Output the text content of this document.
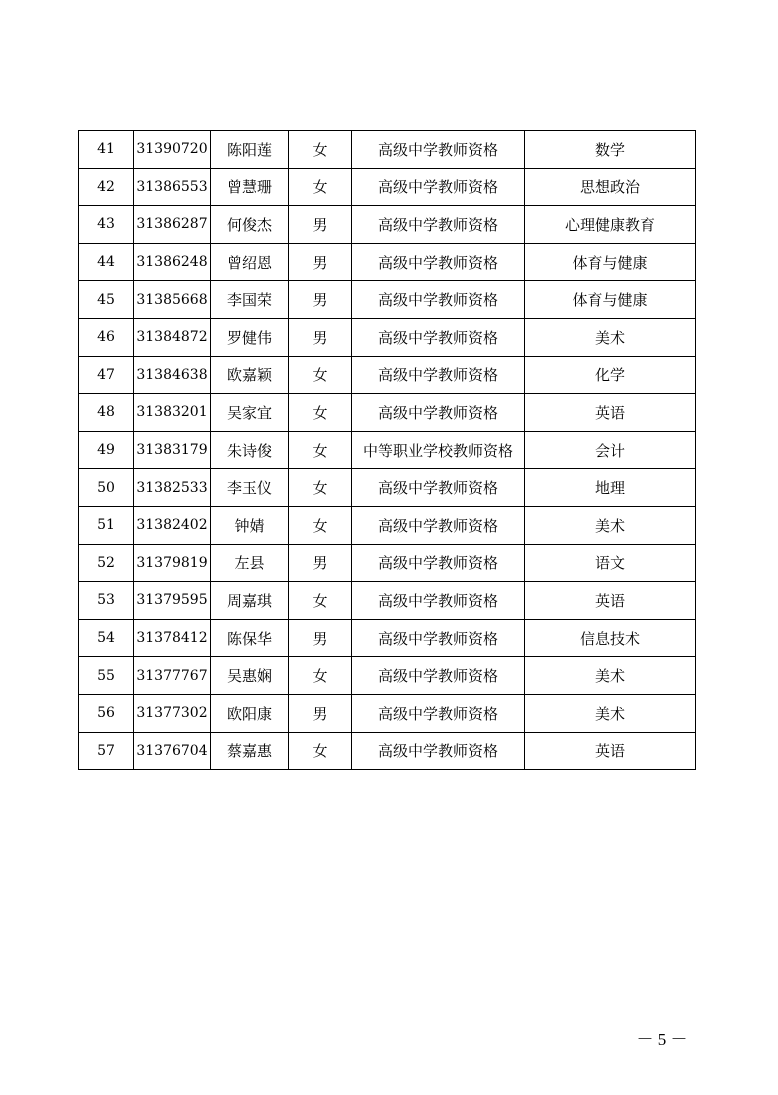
41	31390720	陈阳莲	女	高级中学教师资格	数学
42	31386553	曾慧珊	女	高级中学教师资格	思想政治
43	31386287	何俊杰	男	高级中学教师资格	心理健康教育
44	31386248	曾绍恩	男	高级中学教师资格	体育与健康
45	31385668	李国荣	男	高级中学教师资格	体育与健康
46	31384872	罗健伟	男	高级中学教师资格	美术
47	31384638	欧嘉颖	女	高级中学教师资格	化学
48	31383201	吴家宜	女	高级中学教师资格	英语
49	31383179	朱诗俊	女	中等职业学校教师资格	会计
50	31382533	李玉仪	女	高级中学教师资格	地理
51	31382402	钟婧	女	高级中学教师资格	美术
52	31379819	左县	男	高级中学教师资格	语文
53	31379595	周嘉琪	女	高级中学教师资格	英语
54	31378412	陈保华	男	高级中学教师资格	信息技术
55	31377767	吴惠娴	女	高级中学教师资格	美术
56	31377302	欧阳康	男	高级中学教师资格	美术
57	31376704	蔡嘉惠	女	高级中学教师资格	英语
－ 5 －
